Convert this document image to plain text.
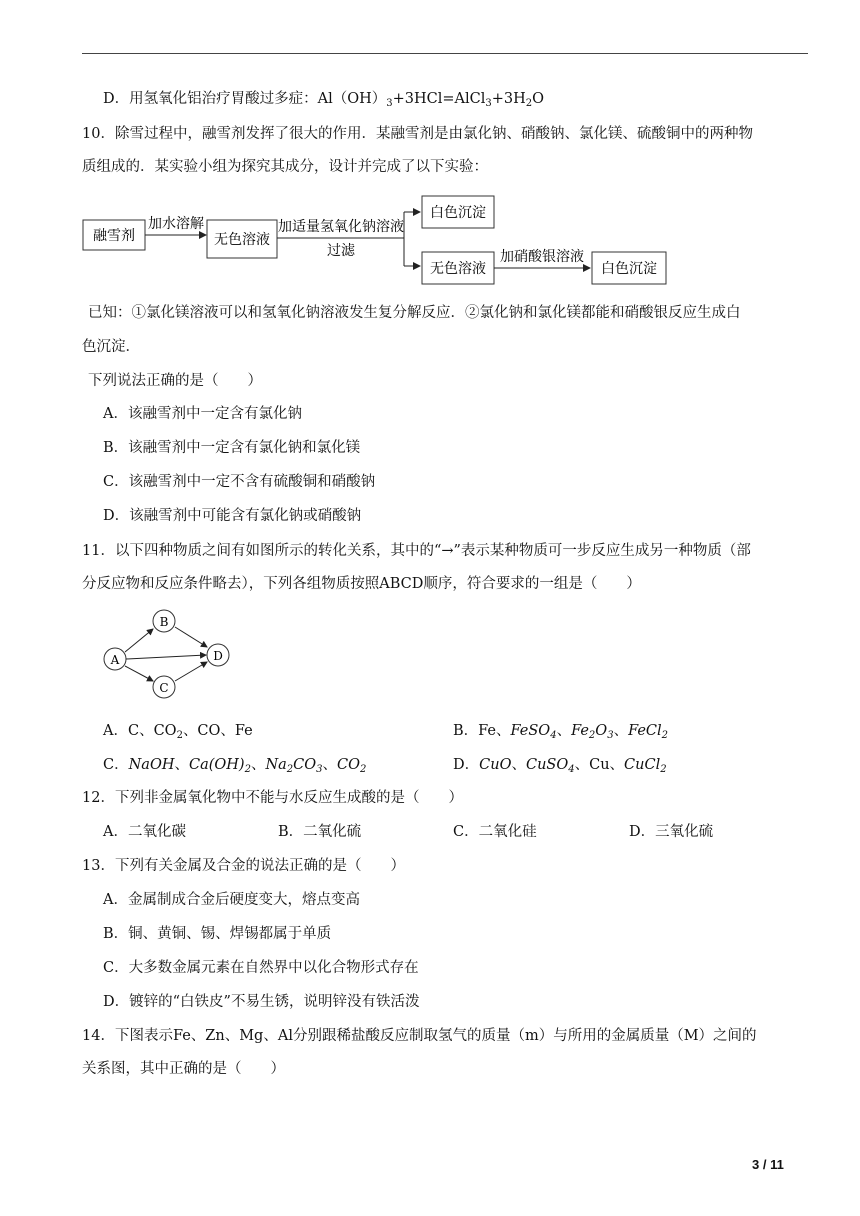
D．用氢氧化铝治疗胃酸过多症：$Al(OH)_3+3HCl=AlCl_3+3H_2O$
10．除雪过程中，融雪剂发挥了很大的作用．某融雪剂是由氯化钠、硝酸钠、氯化镁、硫酸铜中的两种物
质组成的．某实验小组为探究其成分，设计并完成了以下实验：
融雪剂
加水溶解
无色溶液
加适量氢氧化钠溶液
过滤
白色沉淀
无色溶液
加硝酸银溶液
白色沉淀
已知：①氯化镁溶液可以和氢氧化钠溶液发生复分解反应．②氯化钠和氯化镁都能和硝酸银反应生成白
色沉淀．
下列说法正确的是（　　）
A．该融雪剂中一定含有氯化钠
B．该融雪剂中一定含有氯化钠和氯化镁
C．该融雪剂中一定不含有硫酸铜和硝酸钠
D．该融雪剂中可能含有氯化钠或硝酸钠
11．以下四种物质之间有如图所示的转化关系，其中的“→”表示某种物质可一步反应生成另一种物质（部
分反应物和反应条件略去），下列各组物质按照ABCD顺序，符合要求的一组是（　　）
B
A	D
C
A．C、$CO_2$、CO、Fe	B．Fe、FeSO$_4$、$Fe_2O_3$、FeCl$_2$
C．NaOH、$Ca(OH)_2$、$Na_2CO_3$、$CO_2$	D．CuO、CuSO$_4$、Cu、CuCl$_2$
12．下列非金属氧化物中不能与水反应生成酸的是（　　）
A．二氧化碳	B．二氧化硫	C．二氧化硅	D．三氧化硫
13．下列有关金属及合金的说法正确的是（　　）
A．金属制成合金后硬度变大，熔点变高
B．铜、黄铜、锡、焊锡都属于单质
C．大多数金属元素在自然界中以化合物形式存在
D．镀锌的“白铁皮”不易生锈，说明锌没有铁活泼
14．下图表示Fe、Zn、Mg、Al分别跟稀盐酸反应制取氢气的质量（m）与所用的金属质量（M）之间的
关系图，其中正确的是（　　）
3 / 11
